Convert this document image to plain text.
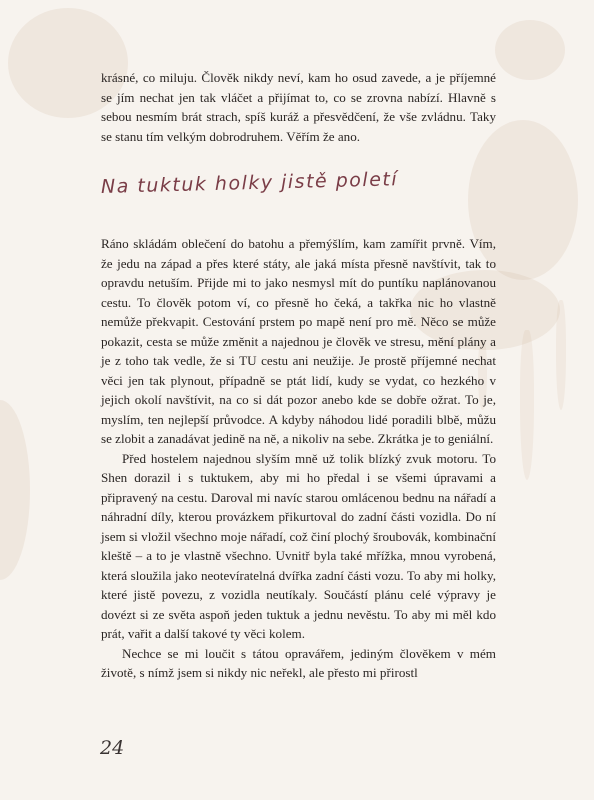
krásné, co miluju. Člověk nikdy neví, kam ho osud zavede, a je příjemné se jím nechat jen tak vláčet a přijímat to, co se zrovna nabízí. Hlavně s sebou nesmím brát strach, spíš kuráž a přesvědčení, že vše zvládnu. Taky se stanu tím velkým dobrodruhem. Věřím že ano.

Na tuktuk holky jistě poletí

Ráno skládám oblečení do batohu a přemýšlím, kam zamířit prvně. Vím, že jedu na západ a přes které státy, ale jaká místa přesně navštívit, tak to opravdu netuším. Přijde mi to jako nesmysl mít do puntíku naplánovanou cestu. To člověk potom ví, co přesně ho čeká, a takřka nic ho vlastně nemůže překvapit. Cestování prstem po mapě není pro mě. Něco se může pokazit, cesta se může změnit a najednou je člověk ve stresu, mění plány a je z toho tak vedle, že si TU cestu ani neužije. Je prostě příjemné nechat věci jen tak plynout, případně se ptát lidí, kudy se vydat, co hezkého v jejich okolí navštívit, na co si dát pozor anebo kde se dobře ožrat. To je, myslím, ten nejlepší průvodce. A kdyby náhodou lidé poradili blbě, můžu se zlobit a zanadávat jedině na ně, a nikoliv na sebe. Zkrátka je to geniální.

Před hostelem najednou slyším mně už tolik blízký zvuk motoru. To Shen dorazil i s tuktukem, aby mi ho předal i se všemi úpravami a připravený na cestu. Daroval mi navíc starou omlácenou bednu na nářadí a náhradní díly, kterou provázkem přikurtoval do zadní části vozidla. Do ní jsem si vložil všechno moje nářadí, což činí plochý šroubovák, kombinační kleště – a to je vlastně všechno. Uvnitř byla také mřížka, mnou vyrobená, která sloužila jako neotevíratelná dvířka zadní části vozu. To aby mi holky, které jistě povezu, z vozidla neutíkaly. Součástí plánu celé výpravy je dovézt si ze světa aspoň jeden tuktuk a jednu nevěstu. To aby mi měl kdo prát, vařit a další takové ty věci kolem.

Nechce se mi loučit s tátou opravářem, jediným člověkem v mém životě, s nímž jsem si nikdy nic neřekl, ale přesto mi přirostl

24
